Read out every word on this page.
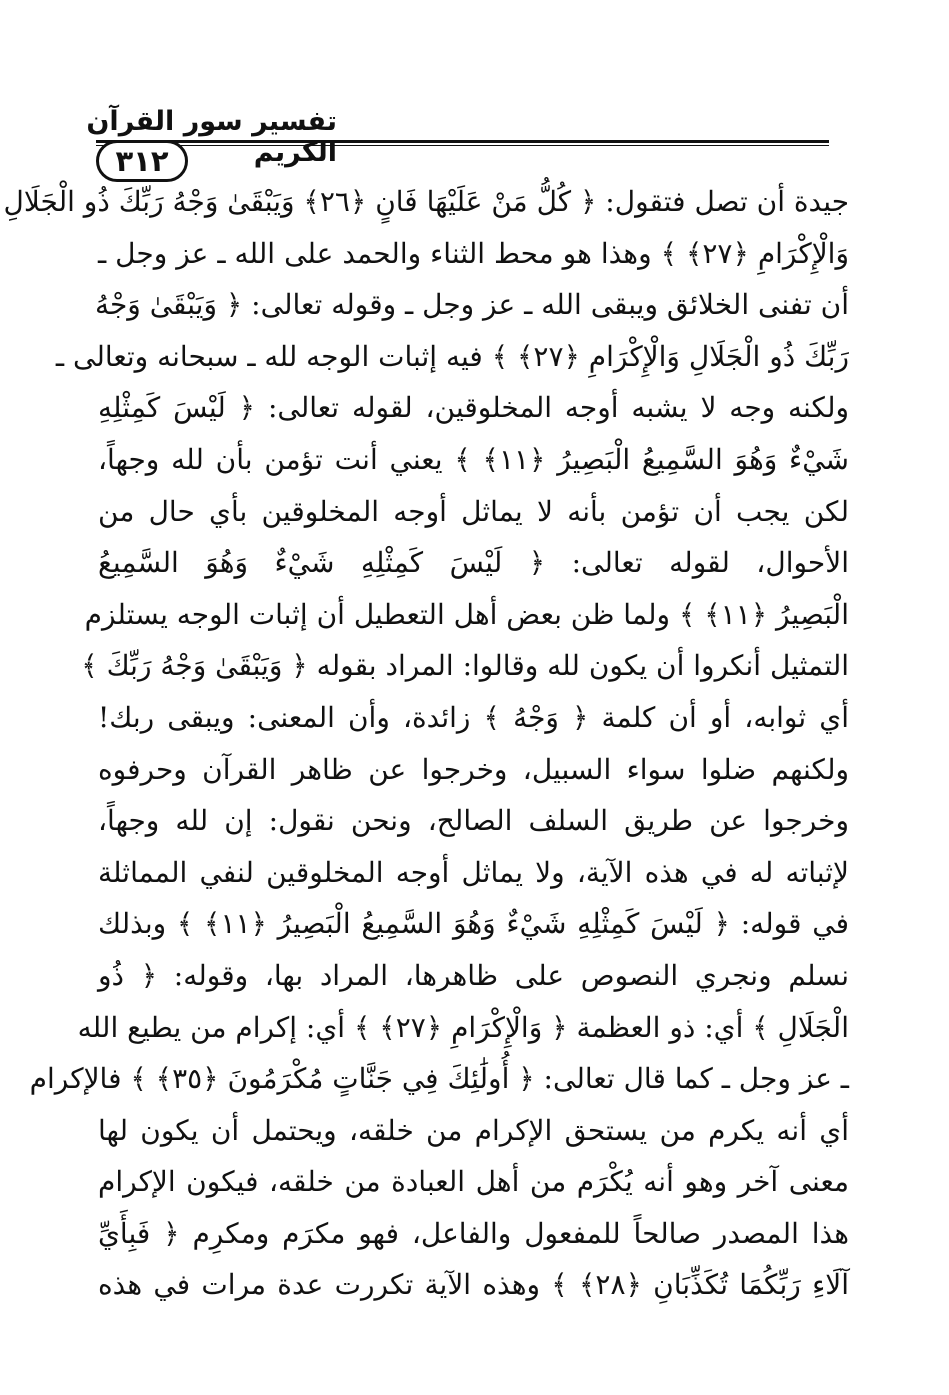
تفسير سور القرآن الكريم
٣١٢
جيدة أن تصل فتقول: ﴿ كُلُّ مَنْ عَلَيْهَا فَانٍ ﴿٢٦﴾ وَيَبْقَىٰ وَجْهُ رَبِّكَ ذُو الْجَلَالِ
وَالْإِكْرَامِ ﴿٢٧﴾ ﴾ وهذا هو محط الثناء والحمد على الله ـ عز وجل ـ
أن تفنى الخلائق ويبقى الله ـ عز وجل ـ وقوله تعالى: ﴿ وَيَبْقَىٰ وَجْهُ
رَبِّكَ ذُو الْجَلَالِ وَالْإِكْرَامِ ﴿٢٧﴾ ﴾ فيه إثبات الوجه لله ـ سبحانه وتعالى ـ
ولكنه وجه لا يشبه أوجه المخلوقين، لقوله تعالى: ﴿ لَيْسَ كَمِثْلِهِ
شَيْءٌ وَهُوَ السَّمِيعُ الْبَصِيرُ ﴿١١﴾ ﴾ يعني أنت تؤمن بأن لله وجهاً،
لكن يجب أن تؤمن بأنه لا يماثل أوجه المخلوقين بأي حال من
الأحوال، لقوله تعالى: ﴿ لَيْسَ كَمِثْلِهِ شَيْءٌ وَهُوَ السَّمِيعُ
الْبَصِيرُ ﴿١١﴾ ﴾ ولما ظن بعض أهل التعطيل أن إثبات الوجه يستلزم
التمثيل أنكروا أن يكون لله وقالوا: المراد بقوله ﴿ وَيَبْقَىٰ وَجْهُ رَبِّكَ ﴾
أي ثوابه، أو أن كلمة ﴿ وَجْهُ ﴾ زائدة، وأن المعنى: ويبقى ربك!
ولكنهم ضلوا سواء السبيل، وخرجوا عن ظاهر القرآن وحرفوه
وخرجوا عن طريق السلف الصالح، ونحن نقول: إن لله وجهاً،
لإثباته له في هذه الآية، ولا يماثل أوجه المخلوقين لنفي المماثلة
في قوله: ﴿ لَيْسَ كَمِثْلِهِ شَيْءٌ وَهُوَ السَّمِيعُ الْبَصِيرُ ﴿١١﴾ ﴾ وبذلك
نسلم ونجري النصوص على ظاهرها، المراد بها، وقوله: ﴿ ذُو
الْجَلَالِ ﴾ أي: ذو العظمة ﴿ وَالْإِكْرَامِ ﴿٢٧﴾ ﴾ أي: إكرام من يطيع الله
ـ عز وجل ـ كما قال تعالى: ﴿ أُولَٰئِكَ فِي جَنَّاتٍ مُكْرَمُونَ ﴿٣٥﴾ ﴾ فالإكرام
أي أنه يكرم من يستحق الإكرام من خلقه، ويحتمل أن يكون لها
معنى آخر وهو أنه يُكْرَم من أهل العبادة من خلقه، فيكون الإكرام
هذا المصدر صالحاً للمفعول والفاعل، فهو مكرَم ومكرِم ﴿ فَبِأَيِّ
آلَاءِ رَبِّكُمَا تُكَذِّبَانِ ﴿٢٨﴾ ﴾ وهذه الآية تكررت عدة مرات في هذه
